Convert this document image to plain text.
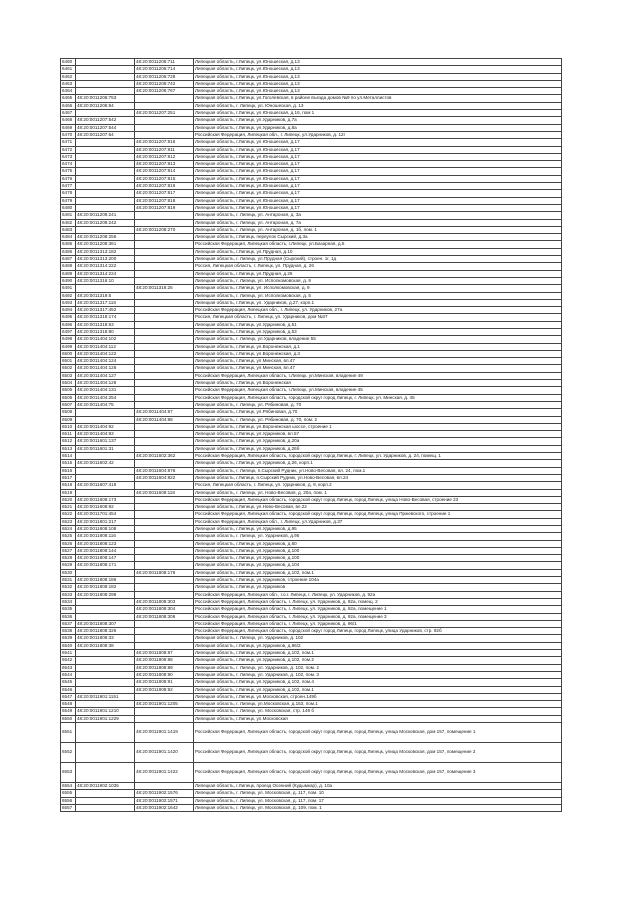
6460		48:20:0011206:711	Липецкая область, г.Липецк, ул.Юношеская, д.13
6461		48:20:0011206:714	Липецкая область, г.Липецк, ул.Юношеская, д.13
6462		48:20:0011206:728	Липецкая область, г.Липецк, ул.Юношеская, д.13
6463		48:20:0011206:742	Липецкая область, г.Липецк, ул.Юношеская, д.13
6464		48:20:0011206:767	Липецкая область, г.Липецк, ул.Юношеская, д.13
6465	48:20:0011206:753		Липецкая область, г.Липецк, ул.Гоголевская, в районе въезда домов №9 по ул.Металлистов
6466	48:20:0011206:84		Липецкая область, г. Липецк, ул. Юношеская, д. 13
6467		48:20:0011207:251	Липецкая область, г.Липецк, ул.Юношеская, д.16, пом 1
6468	48:20:0011207:542		Липецкая область, г.Липецк, ул.Ударников, д.7а
6469	48:20:0011207:544		Липецкая область, г.Липецк, ул.Ударников, д.8а
6470	48:20:0011207:64		Российская Федерация, Липецкая обл., г. Липецк, ул.Ударников, д. 12г
6471		48:20:0011207:816	Липецкая область, г.Липецк, ул.Юношеская, д.17
6472		48:20:0011207:811	Липецкая область, г.Липецк, ул.Юношеская, д.17
6473		48:20:0011207:812	Липецкая область, г.Липецк, ул.Юношеская, д.17
6474		48:20:0011207:813	Липецкая область, г.Липецк, ул.Юношеская, д.17
6475		48:20:0011207:814	Липецкая область, г.Липецк, ул.Юношеская, д.17
6476		48:20:0011207:815	Липецкая область, г.Липецк, ул.Юношеская, д.17
6477		48:20:0011207:816	Липецкая область, г.Липецк, ул.Юношеская, д.17
6478		48:20:0011207:817	Липецкая область, г.Липецк, ул.Юношеская, д.17
6479		48:20:0011207:818	Липецкая область, г.Липецк, ул.Юношеская, д.17
6480		48:20:0011207:819	Липецкая область, г.Липецк, ул.Юношеская, д.17
6481	48:20:0011208:241		Липецкая область, г. Липецк, ул. Антароная, д. 3а
6482	48:20:0011208:242		Липецкая область, г. Липецк, ул. Антароная, д. 7а
6483		48:20:0011208:270	Липецкая область, г. Липецк, ул. Антароная, д. 1б, пом. 1
6484	48:20:0011208:256		Липецкая область, г.Липецк, переулок Сырский, д.3а
6485	48:20:0011208:361		Российская Федерация, Липецкая область, г.Липецк, ул.Базарная, д.5
6486	48:20:0011313:182		Липецкая область, г.Липецк, ул.Прудная, д.10
6487	48:20:0011313:200		Липецкая область, г. Липецк, ул.Прудная (Сырский), строен. 1г, 1д
6488	48:20:0011314:222		Россия, Липецкая область, г. Липецк, ул. Прудная, д. 26
6489	48:20:0011314:224		Липецкая область, г.Липецк, ул.Прудная, д.26
6490	48:20:0011316:10		Липецкая область, г. Липецк, ул. Исполкомовская, д. 8
6491		48:20:0011316:25	Липецкая область, г.Липецк, ул. Исполкомовская, д. 9
6492	48:20:0011319:5		Липецкая область, г. Липецк, ул. Исполкомовская, д. 5
6493	48:20:0011317:118		Липецкая область, г.Липецк, ул. Ударников, д.27, корп.1
6494	48:20:0011317:452		Российская Федерация, Липецкая обл., г. Липецк, ул. Ударников, 27а
6495	48:20:0011318:174		Россия, Липецкая область, г. Липецк, ул. Ударников, дом №37
6496	48:20:0011318:63		Липецкая область, г.Липецк, ул.Ударников, д.51
6497	48:20:0011318:80		Липецкая область, г.Липецк, ул.Ударников, д.53
6498	48:20:0011404:102		Липецкая область, г. Липецк, ул.Ударников, владение 55
6499	48:20:0011404:112		Липецкая область, г.Липецк, ул.Воронежская, д.1
6500	48:20:0011404:122		Липецкая область, г.Липецк, ул.Воронежская, д.3
6501	48:20:0011404:124		Липецкая область, г.Липецк, ул.Минская, вл.47
6502	48:20:0011404:126		Липецкая область, г.Липецк, ул.Минская, вл.47
6503	48:20:0011404:127		Российская Федерация, Липецкая область, г.Липецк, ул.Минская, владение 49
6504	48:20:0011404:128		Липецкая область, г.Липецк, ул.Воронежская
6505	48:20:0011404:131		Российская Федерация, Липецкая область, г.Липецк, ул.Минская, владение 45
6506	48:20:0011404:254		Российская Федерация, Липецкая область, городской округ город Липецк, г. Липецк, ул. Минская, д. 45
6507	48:20:0011404:75		Липецкая область, г. Липецк, ул. Рябиновая, д. 70
6508		48:20:0011404:87	Липецкая область, г.Липецк, ул.Рябиновая, д.70
6509		48:20:0011404:88	Липецкая область, г. Липецк, ул. Рябиновая, д. 70, пом. 2
6510	48:20:0011404:92		Липецкая область, г.Липецк, ул.Воронежская шоссе, строение 1
6511	48:20:0011404:93		Липецкая область, г.Липецк, ул.Ударников, вл.57
6512	48:20:0011601:137		Липецкая область, г.Липецк, ул.Ударников, д.20а
6513	48:20:0011601:31		Липецкая область, г.Липецк, ул.Ударников, д.26б
6514		48:20:0011602:362	Российская Федерация, Липецкая область, городской округ город Липецк, г. Липецк, ул. Ударников, д. 24, помещ. 1
6515	48:20:0011602:42		Липецкая область, г.Липецк, ул.Ударников, д.26, корп.1
6516		48:20:0011604:876	Липецкая область, г. Липецк, п.Сырский Рудник, ул.Ново-Весовая, вл. 24, пом.1
6517		48:20:0011604:822	Липецкая область, г.Липецк, п.Сырский Рудник, ул.Ново-Весовая, вл.24
6518	48:20:0011607:418		Россия, Липецкая область, г. Липецк, ул. Ударников, д. 9, корп.2
6519		48:20:0011608:118	Липецкая область, г. Липецк, ул. Ново-Весовая, д. 20а, пом. 1
6520	48:20:0011608:173		Российская Федерация, Липецкая область, городской округ город Липецк, город Липецк, улица Ново-Весовая, строение 23
6521	48:20:0011608:92		Липецкая область, г.Липецк, ул.Ново-Весовая, вл.22
6522	48:20:0011701:454		Российская Федерация, Липецкая область, городской округ город Липецк, город Липецк, улица Пржевского, строение 1
6523	48:20:0011801:217		Российская Федерация, Липецкая обл., г. Липецк, ул.Ударников, д.37
6524	48:20:0011808:108		Липецкая область, г.Липецк, ул.Ударников, д.95
6525	48:20:0011808:116		Липецкая область, г. Липецк, ул. Ударников, д.95
6526	48:20:0011808:123		Липецкая область, г.Липецк, ул.Ударников, д.60
6527	48:20:0011808:144		Липецкая область, г.Липецк, ул.Ударников, д.100
6528	48:20:0011808:147		Липецкая область, г.Липецк, ул.Ударников, д.100
6529	48:20:0011808:171		Липецкая область, г.Липецк, ул.Ударников, д.104
6530		48:20:0011808:176	Липецкая область, г.Липецк, ул.Ударников, д.102, пом.1
6531	48:20:0011808:186		Липецкая область, г.Липецк, ул.Ударников, строение 104а
6532	48:20:0011808:182		Липецкая область, г.Липецк, ул.Ударников
6533	48:20:0011808:298		Российская Федерация, Липецкая обл., г.о.г. Липецк, г. Липецк, ул. Ударников, д. 92а
6534		48:20:0011808:303	Российская Федерация, Липецкая область, г. Липецк, ул. Ударников, д. 92а, помещ. 2
6535		48:20:0011808:304	Российская Федерация, Липецкая область, г. Липецк, ул. Ударников, д. 92а, помещение 1
6536		48:20:0011808:306	Российская Федерация, Липецкая область, г. Липецк, ул. Ударников, д. 92а, помещение 3
6537	48:20:0011808:307		Российская Федерация, Липецкая область, г. Липецк, ул. Ударников, д. 96/1
6538	48:20:0011808:326		Российская Федерация, Липецкая область, городской округ город Липецк, город Липецк, улица Ударников, стр. 92б
6539	48:20:0011808:33		Липецкая область, г. Липецк, ул. Ударников, д. 102
6540	48:20:0011808:38		Липецкая область, г.Липецк, ул.Ударников, д.96/2
6541		48:20:0011808:87	Липецкая область, г.Липецк, ул.Ударников, д.102, пом.1
6542		48:20:0011808:88	Липецкая область, г.Липецк, ул.Ударников, д.102, пом.2
6543		48:20:0011808:89	Липецкая область, г. Липецк, ул. Ударников, д. 102, пом. 2
6544		48:20:0011808:90	Липецкая область, г. Липецк, ул. Ударников, д. 102, пом. 3
6545		48:20:0011808:91	Липецкая область, г.Липецк, ул.Ударников, д.102, пом.4
6546		48:20:0011808:92	Липецкая область, г.Липецк, ул.Ударников, д.102, пом.1
6547	48:20:0011901:1151		Липецкая область, г.Липецк, ул.Московская, строен.149б
6548		48:20:0011901:1205	Липецкая область, г. Липецк, ул.Московская, д.153, пом.1
6549	48:20:0011901:1210		Липецкая область, г. Липецк, ул. Московская, стр. 149 б
6550	48:20:0011901:1229		Липецкая область, г.Липецк, ул.Московская
6551		48:20:0011901:1419	Российская Федерация, Липецкая область, городской округ город Липецк, город Липецк, улица Московская, дом 157, помещение 1
6552		48:20:0011901:1420	Российская Федерация, Липецкая область, городской округ город Липецк, город Липецк, улица Московская, дом 157, помещение 2
6553		48:20:0011901:1422	Российская Федерация, Липецкая область, городской округ город Липецк, город Липецк, улица Московская, дом 157, помещение 3
6554	48:20:0011902:1035		Липецкая область, г.Липецк, проезд Осенний (Кудымкар), д. 10а
6555		48:20:0011902:1576	Липецкая область, г. Липецк, ул. Московская, д. 117, пом. 10
6556		48:20:0011902:1571	Липецкая область, г. Липецк, ул. Московская, д. 117, пом. 17
6557		48:20:0011902:1642	Липецкая область, г. Липецк, ул. Московская, д. 109, пом. 1
